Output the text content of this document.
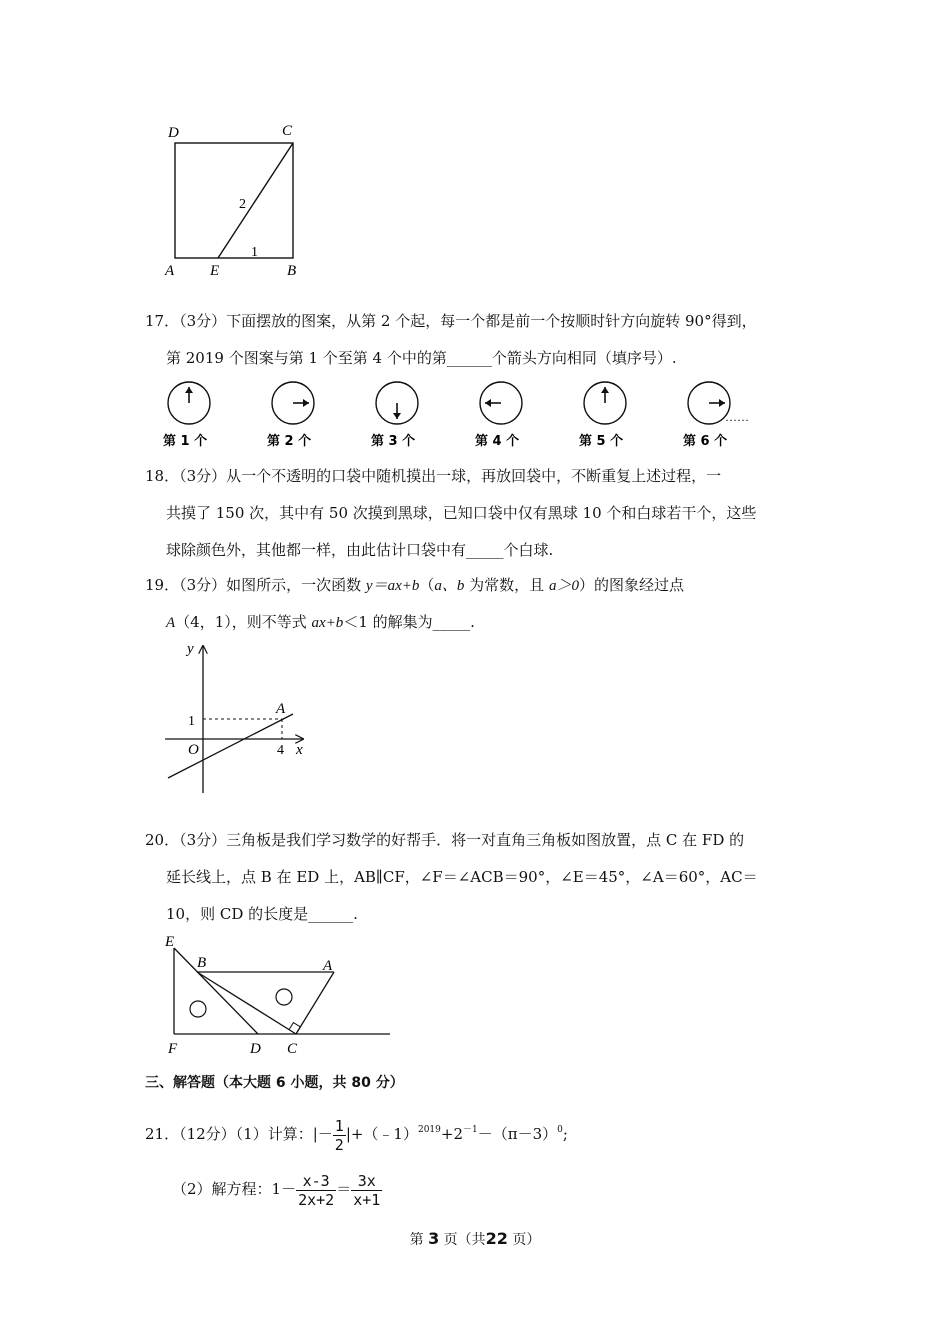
D	C
A E	B
2
1
17．（3分）下面摆放的图案，从第 2 个起，每一个都是前一个按顺时针方向旋转 90°得到，
第 2019 个图案与第 1 个至第 4 个中的第______个箭头方向相同（填序号）.
第 1 个	第 2 个	第 3 个	第 4 个	第 5 个	第 6 个
……
18．（3分）从一个不透明的口袋中随机摸出一球，再放回袋中，不断重复上述过程，一
共摸了 150 次，其中有 50 次摸到黑球，已知口袋中仅有黑球 10 个和白球若干个，这些
球除颜色外，其他都一样，由此估计口袋中有_____个白球.
19．（3分）如图所示，一次函数 y＝ax+b（a、b 为常数，且 a＞0）的图象经过点
A（4，1），则不等式 ax+b＜1 的解集为_____.
y
x
O
A
1
4
20．（3分）三角板是我们学习数学的好帮手．将一对直角三角板如图放置，点 C 在 FD 的
延长线上，点 B 在 ED 上，AB∥CF，∠F＝∠ACB＝90°，∠E＝45°，∠A＝60°，AC＝
10，则 CD 的长度是______.
E
B	A
F	D C
三、解答题（本大题 6 小题，共 80 分）
21．（12分）（1）计算：|－ $\frac{1}{2}$ $|+(﹣1)^{2019}+2^{-1}-(\pi-3)^0$;
（2）解方程：$1- \frac{x-3}{2x+2} = \frac{3x}{x+1}$
第 3 页（共22 页）
